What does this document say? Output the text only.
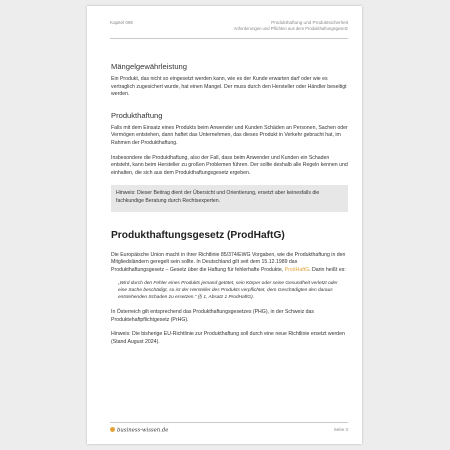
Kapitel 096	Produkthaftung und Produktsicherheit
Anforderungen und Pflichten aus dem Produkthaftungsgesetz
Mängelgewährleistung
Ein Produkt, das nicht so eingesetzt werden kann, wie es der Kunde erwarten darf oder wie es vertraglich zugesichert wurde, hat einen Mangel. Der muss durch den Hersteller oder Händler beseitigt werden.
Produkthaftung
Falls mit dem Einsatz eines Produkts beim Anwender und Kunden Schäden an Personen, Sachen oder Vermögen entstehen, dann haftet das Unternehmen, das dieses Produkt in Verkehr gebracht hat, im Rahmen der Produkthaftung.
Insbesondere die Produkthaftung, also der Fall, dass beim Anwender und Kunden ein Schaden entsteht, kann beim Hersteller zu großen Problemen führen. Der sollte deshalb alle Regeln kennen und einhalten, die sich aus dem Produkthaftungsgesetz ergeben.
Hinweis: Dieser Beitrag dient der Übersicht und Orientierung, ersetzt aber keinesfalls die fachkundige Beratung durch Rechtsexperten.
Produkthaftungsgesetz (ProdHaftG)
Die Europäische Union macht in ihrer Richtlinie 85/374/EWG Vorgaben, wie die Produkthaftung in den Mitgliedsländern geregelt sein sollte. In Deutschland gilt seit dem 15.12.1989 das Produkthaftungsgesetz – Gesetz über die Haftung für fehlerhafte Produkte, ProdHaftG. Darin heißt es:
„Wird durch den Fehler eines Produkts jemand getötet, sein Körper oder seine Gesundheit verletzt oder eine Sache beschädigt, so ist der Hersteller des Produkts verpflichtet, dem Geschädigten den daraus entstehenden Schaden zu ersetzen.“ (§ 1, Absatz 1 ProdHaftG).
In Österreich gilt entsprechend das Produkthaftungsgesetzes (PHG), in der Schweiz das Produktehaftpflichtgesetz (PrHG).
Hinweis: Die bisherige EU-Richtlinie zur Produkthaftung soll durch eine neue Richtlinie ersetzt werden (Stand August 2024).
business-wissen.de	Seite 3
